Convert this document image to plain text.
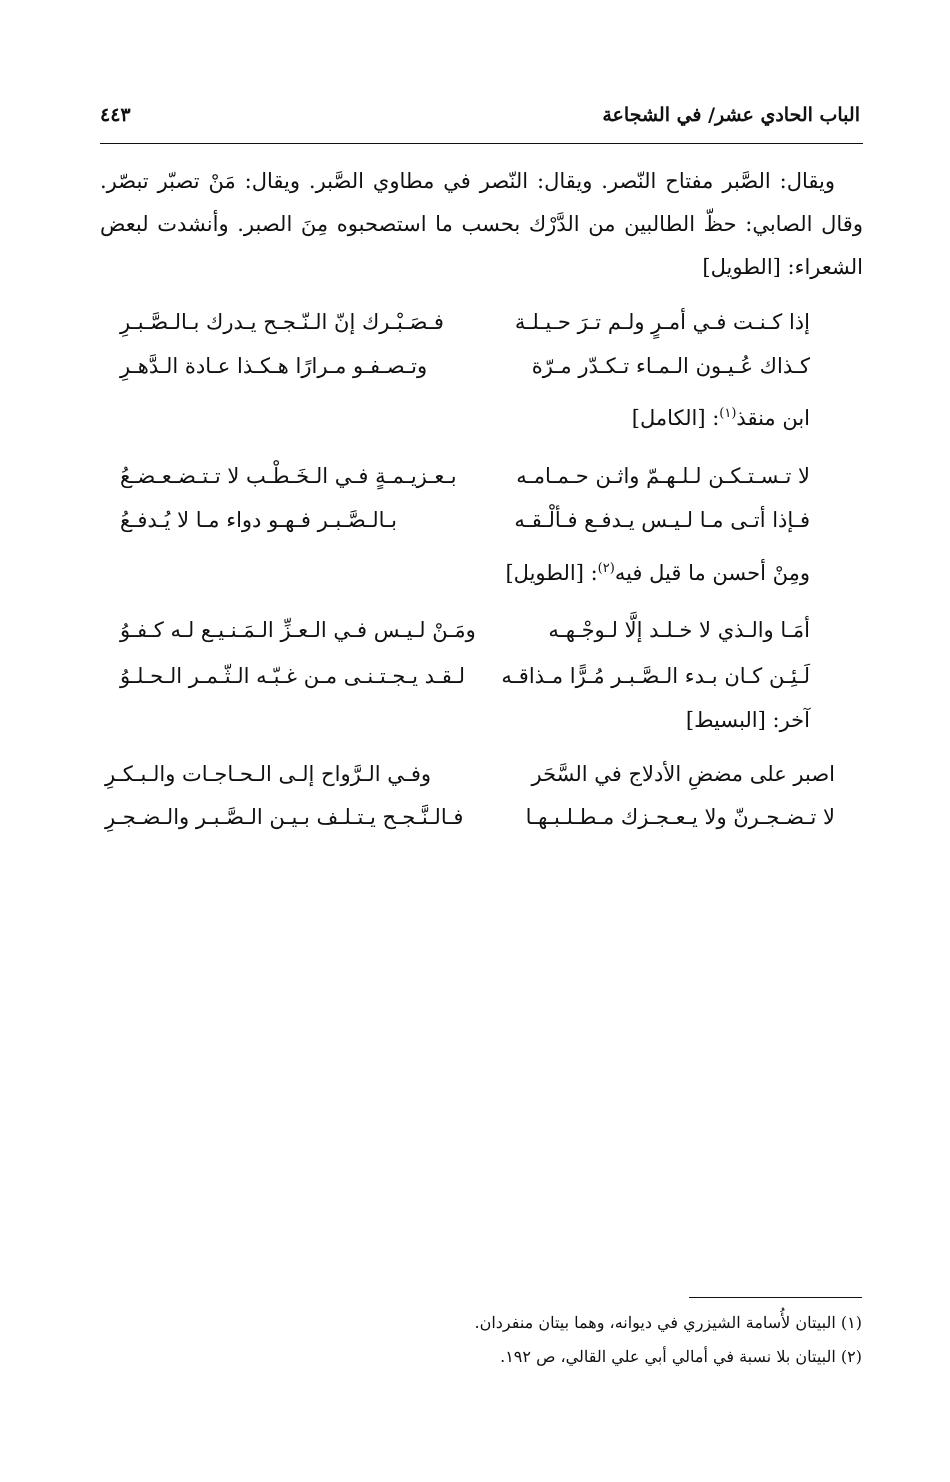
الباب الحادي عشر/ في الشجاعة
٤٤٣

ويقال: الصَّبر مفتاح النّصر. ويقال: النّصر في مطاوي الصَّبر. ويقال: مَنْ تصبّر تبصّر. وقال الصابي: حظّ الطالبين من الدَّرْك بحسب ما استصحبوه مِنَ الصبر. وأنشدت لبعض الشعراء: [الطويل]

إذا كـنـت فـي أمـرٍ ولـم تـرَ حـيـلـة
فـصَـبْـرك إنّ الـنّـجـح يـدرك بـالـصَّـبـرِ
كـذاك عُـيـون الـمـاء تـكـدّر مـرّة
وتـصـفـو مـرارًا هـكـذا عـادة الـدَّهـرِ
ابن منقذ$^{(١)}$: [الكامل]
لا تـسـتـكـن لـلـهـمّ واثـن حـمـامـه
بـعـزيـمـةٍ فـي الـخَـطْـب لا تـتـضـعـضـعُ
فـإذا أتـى مـا لـيـس يـدفـع فـألْـقـه
بـالـصَّـبـر فـهـو دواء مـا لا يُـدفـعُ
ومِنْ أحسن ما قيل فيه$^{(٢)}$: [الطويل]
أمَـا والـذي لا خـلـد إلَّا لـوجْـهـه
ومَـنْ لـيـس فـي الـعـزِّ الـمَـنـيـع لـه كـفـوُ
لَـئِـن كـان بـدء الـصَّـبـر مُـرًّا مـذاقـه
لـقـد يـجـتـنـى مـن غـبّـه الـثّـمـر الـحـلـوُ
آخر: [البسيط]
اصبر على مضضِ الأدلاج في السَّحَر
وفـي الـرَّواح إلـى الـحـاجـات والـبـكـرِ
لا تـضـجـرنّ ولا يـعـجـزك مـطـلـبـهـا
فـالـنَّـجـح يـتـلـف بـيـن الـصَّـبـر والـضـجـرِ
(١) البيتان لأُسامة الشيزري في ديوانه، وهما بيتان منفردان.
(٢) البيتان بلا نسبة في أمالي أبي علي القالي، ص ١٩٢.
